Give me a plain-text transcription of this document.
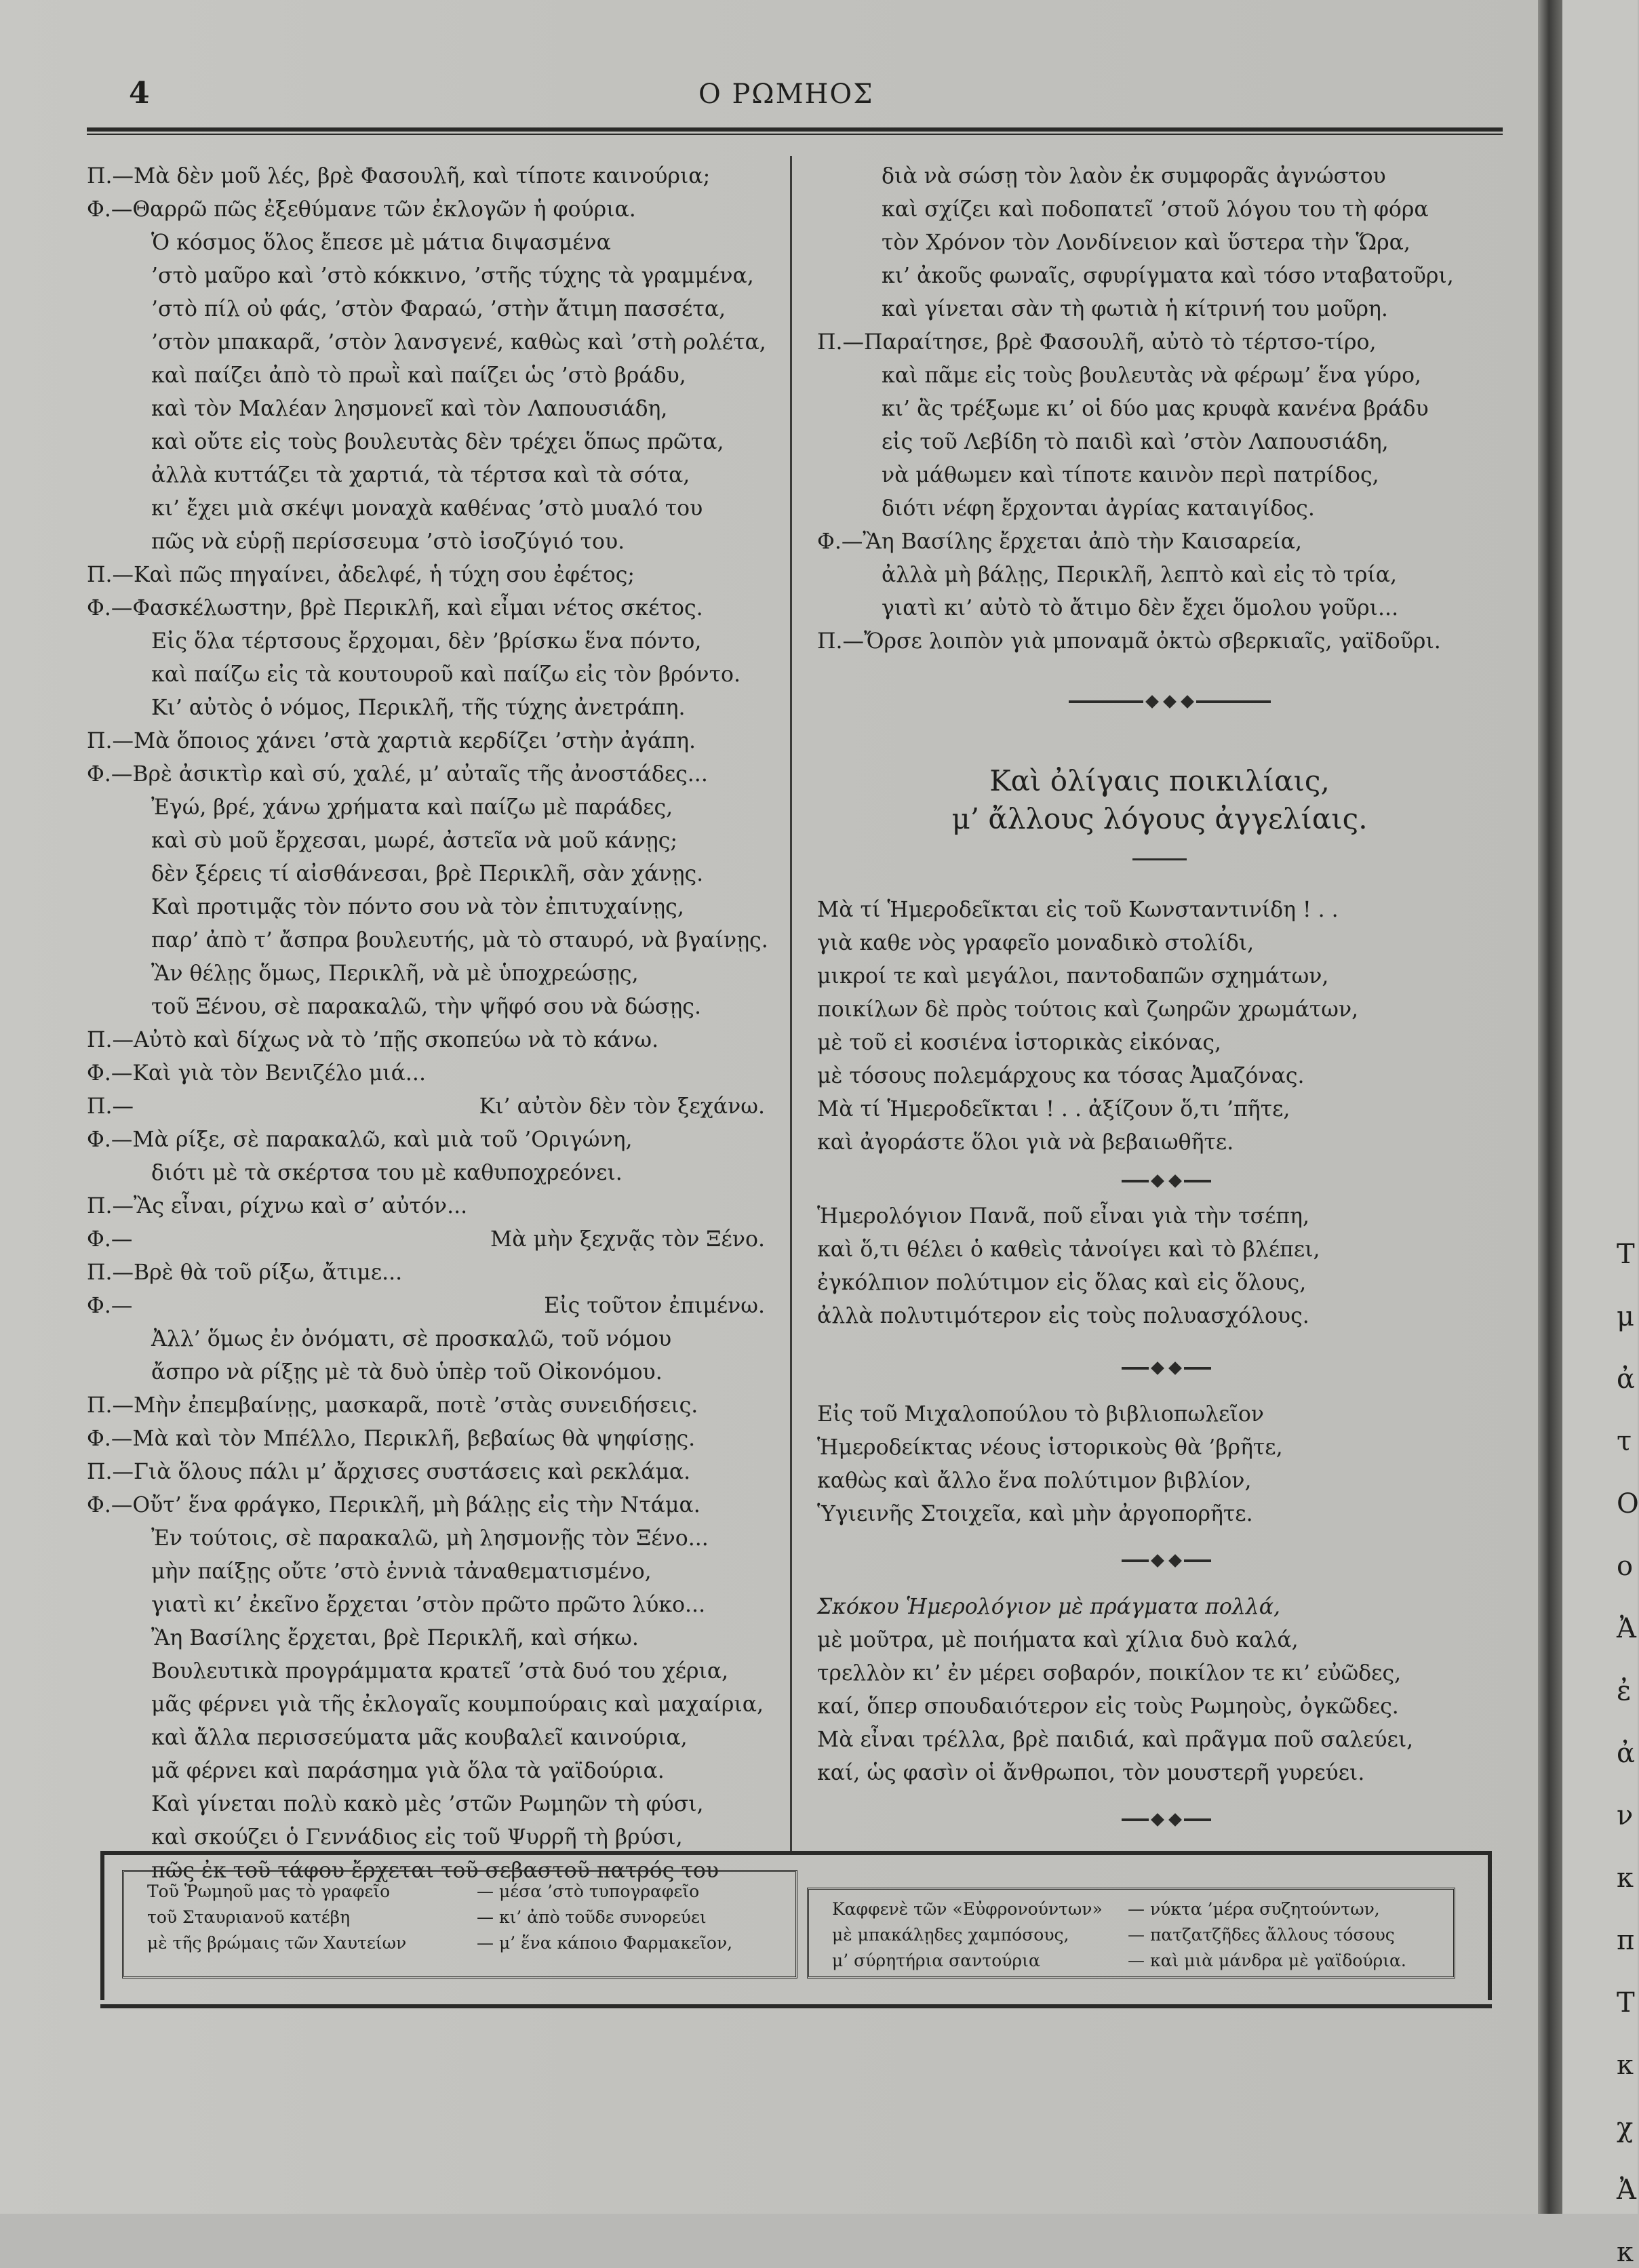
4	Ο ΡΩΜΗΟΣ
Π.—Μὰ δὲν μοῦ λές, βρὲ Φασουλῆ, καὶ τίποτε καινούρια;
Φ.—Θαρρῶ πῶς ἐξεθύμανε τῶν ἐκλογῶν ἡ φούρια.
Ὁ κόσμος ὅλος ἔπεσε μὲ μάτια διψασμένα
’στὸ μαῦρο καὶ ’στὸ κόκκινο, ’στῆς τύχης τὰ γραμμένα,
’στὸ πίλ οὐ φάς, ’στὸν Φαραώ, ’στὴν ἄτιμη πασσέτα,
’στὸν μπακαρᾶ, ’στὸν λανσγενέ, καθὼς καὶ ’στὴ ρολέτα,
καὶ παίζει ἀπὸ τὸ πρωῒ καὶ παίζει ὡς ’στὸ βράδυ,
καὶ τὸν Μαλέαν λησμονεῖ καὶ τὸν Λαπουσιάδη,
καὶ οὔτε εἰς τοὺς βουλευτὰς δὲν τρέχει ὅπως πρῶτα,
ἀλλὰ κυττάζει τὰ χαρτιά, τὰ τέρτσα καὶ τὰ σότα,
κι’ ἔχει μιὰ σκέψι μοναχὰ καθένας ’στὸ μυαλό του
πῶς νὰ εὑρῇ περίσσευμα ’στὸ ἰσοζύγιό του.
Π.—Καὶ πῶς πηγαίνει, ἀδελφέ, ἡ τύχη σου ἐφέτος;
Φ.—Φασκέλωστην, βρὲ Περικλῆ, καὶ εἶμαι νέτος σκέτος.
Εἰς ὅλα τέρτσους ἔρχομαι, δὲν ’βρίσκω ἕνα πόντο,
καὶ παίζω εἰς τὰ κουτουροῦ καὶ παίζω εἰς τὸν βρόντο.
Κι’ αὐτὸς ὁ νόμος, Περικλῆ, τῆς τύχης ἀνετράπη.
Π.—Μὰ ὅποιος χάνει ’στὰ χαρτιὰ κερδίζει ’στὴν ἀγάπη.
Φ.—Βρὲ ἀσικτὶρ καὶ σύ, χαλέ, μ’ αὐταῖς τῆς ἀνοστάδες...
Ἐγώ, βρέ, χάνω χρήματα καὶ παίζω μὲ παράδες,
καὶ σὺ μοῦ ἔρχεσαι, μωρέ, ἀστεῖα νὰ μοῦ κάνῃς;
δὲν ξέρεις τί αἰσθάνεσαι, βρὲ Περικλῆ, σὰν χάνῃς.
Καὶ προτιμᾷς τὸν πόντο σου νὰ τὸν ἐπιτυχαίνῃς,
παρ’ ἀπὸ τ’ ἄσπρα βουλευτής, μὰ τὸ σταυρό, νὰ βγαίνῃς.
Ἂν θέλῃς ὅμως, Περικλῆ, νὰ μὲ ὑποχρεώσῃς,
τοῦ Ξένου, σὲ παρακαλῶ, τὴν ψῆφό σου νὰ δώσῃς.
Π.—Αὐτὸ καὶ δίχως νὰ τὸ ’πῇς σκοπεύω νὰ τὸ κάνω.
Φ.—Καὶ γιὰ τὸν Βενιζέλο μιά...
Π.—	Κι’ αὐτὸν δὲν τὸν ξεχάνω.
Φ.—Μὰ ρίξε, σὲ παρακαλῶ, καὶ μιὰ τοῦ ’Οριγώνη,
διότι μὲ τὰ σκέρτσα του μὲ καθυποχρεόνει.
Π.—Ἂς εἶναι, ρίχνω καὶ σ’ αὐτόν...
Φ.—	Μὰ μὴν ξεχνᾷς τὸν Ξένο.
Π.—Βρὲ θὰ τοῦ ρίξω, ἄτιμε...
Φ.—	Εἰς τοῦτον ἐπιμένω.
Ἀλλ’ ὅμως ἐν ὀνόματι, σὲ προσκαλῶ, τοῦ νόμου
ἄσπρο νὰ ρίξῃς μὲ τὰ δυὸ ὑπὲρ τοῦ Οἰκονόμου.
Π.—Μὴν ἐπεμβαίνῃς, μασκαρᾶ, ποτὲ ’στὰς συνειδήσεις.
Φ.—Μὰ καὶ τὸν Μπέλλο, Περικλῆ, βεβαίως θὰ ψηφίσῃς.
Π.—Γιὰ ὅλους πάλι μ’ ἄρχισες συστάσεις καὶ ρεκλάμα.
Φ.—Οὔτ’ ἕνα φράγκο, Περικλῆ, μὴ βάλῃς εἰς τὴν Ντάμα.
Ἐν τούτοις, σὲ παρακαλῶ, μὴ λησμονῇς τὸν Ξένο...
μὴν παίξῃς οὔτε ’στὸ ἐννιὰ τἀναθεματισμένο,
γιατὶ κι’ ἐκεῖνο ἔρχεται ’στὸν πρῶτο πρῶτο λύκο...
Ἂη Βασίλης ἔρχεται, βρὲ Περικλῆ, καὶ σήκω.
Βουλευτικὰ προγράμματα κρατεῖ ’στὰ δυό του χέρια,
μᾶς φέρνει γιὰ τῆς ἐκλογαῖς κουμπούραις καὶ μαχαίρια,
καὶ ἄλλα περισσεύματα μᾶς κουβαλεῖ καινούρια,
μᾶ φέρνει καὶ παράσημα γιὰ ὅλα τὰ γαϊδούρια.
Καὶ γίνεται πολὺ κακὸ μὲς ’στῶν Ρωμηῶν τὴ φύσι,
καὶ σκούζει ὁ Γεννάδιος εἰς τοῦ Ψυρρῆ τὴ βρύσι,
πῶς ἐκ τοῦ τάφου ἔρχεται τοῦ σεβαστοῦ πατρός του
διὰ νὰ σώσῃ τὸν λαὸν ἐκ συμφορᾶς ἀγνώστου
καὶ σχίζει καὶ ποδοπατεῖ ’στοῦ λόγου του τὴ φόρα
τὸν Χρόνον τὸν Λονδίνειον καὶ ὕστερα τὴν Ὥρα,
κι’ ἀκοῦς φωναῖς, σφυρίγματα καὶ τόσο νταβατοῦρι,
καὶ γίνεται σὰν τὴ φωτιὰ ἡ κίτρινή του μοῦρη.
Π.—Παραίτησε, βρὲ Φασουλῆ, αὐτὸ τὸ τέρτσο-τίρο,
καὶ πᾶμε εἰς τοὺς βουλευτὰς νὰ φέρωμ’ ἕνα γύρο,
κι’ ἂς τρέξωμε κι’ οἱ δύο μας κρυφὰ κανένα βράδυ
εἰς τοῦ Λεβίδη τὸ παιδὶ καὶ ’στὸν Λαπουσιάδη,
νὰ μάθωμεν καὶ τίποτε καινὸν περὶ πατρίδος,
διότι νέφη ἔρχονται ἀγρίας καταιγίδος.
Φ.—Ἂη Βασίλης ἔρχεται ἀπὸ τὴν Καισαρεία,
ἀλλὰ μὴ βάλῃς, Περικλῆ, λεπτὸ καὶ εἰς τὸ τρία,
γιατὶ κι’ αὐτὸ τὸ ἄτιμο δὲν ἔχει ὅμολου γοῦρι...
Π.—Ὄρσε λοιπὸν γιὰ μποναμᾶ ὀκτὼ σβερκιαῖς, γαϊδοῦρι.
Καὶ ὀλίγαις ποικιλίαις,
μ’ ἄλλους λόγους ἀγγελίαις.
Μὰ τί Ἡμεροδεῖκται εἰς τοῦ Κωνσταντινίδη ! . .
γιὰ καθε νὸς γραφεῖο μοναδικὸ στολίδι,
μικροί τε καὶ μεγάλοι, παντοδαπῶν σχημάτων,
ποικίλων δὲ πρὸς τούτοις καὶ ζωηρῶν χρωμάτων,
μὲ τοῦ εἰ κοσιένα ἱστορικὰς εἰκόνας,
μὲ τόσους πολεμάρχους κα τόσας Ἀμαζόνας.
Μὰ τί Ἡμεροδεῖκται ! . . ἀξίζουν ὅ,τι ’πῆτε,
καὶ ἀγοράστε ὅλοι γιὰ νὰ βεβαιωθῆτε.
Ἡμερολόγιον Πανᾶ, ποῦ εἶναι γιὰ τὴν τσέπη,
καὶ ὅ,τι θέλει ὁ καθεὶς τἀνοίγει καὶ τὸ βλέπει,
ἐγκόλπιον πολύτιμον εἰς ὅλας καὶ εἰς ὅλους,
ἀλλὰ πολυτιμότερον εἰς τοὺς πολυασχόλους.
Εἰς τοῦ Μιχαλοπούλου τὸ βιβλιοπωλεῖον
Ἡμεροδείκτας νέους ἱστορικοὺς θὰ ’βρῆτε,
καθὼς καὶ ἄλλο ἕνα πολύτιμον βιβλίον,
Ὑγιεινῆς Στοιχεῖα, καὶ μὴν ἀργοπορῆτε.
Σκόκου Ἡμερολόγιον μὲ πράγματα πολλά,
μὲ μοῦτρα, μὲ ποιήματα καὶ χίλια δυὸ καλά,
τρελλὸν κι’ ἐν μέρει σοβαρόν, ποικίλον τε κι’ εὐῶδες,
καί, ὅπερ σπουδαιότερον εἰς τοὺς Ρωμηοὺς, ὀγκῶδες.
Μὰ εἶναι τρέλλα, βρὲ παιδιά, καὶ πρᾶγμα ποῦ σαλεύει,
καί, ὡς φασὶν οἱ ἄνθρωποι, τὸν μουστερῆ γυρεύει.
Τοῦ Ῥωμηοῦ μας τὸ γραφεῖο	— μέσα ’στὸ τυπογραφεῖο
τοῦ Σταυριανοῦ κατέβη	— κι’ ἀπὸ τοῦδε συνορεύει
μὲ τῆς βρώμαις τῶν Χαυτείων	— μ’ ἕνα κάποιο Φαρμακεῖον,
Καφφενὲ τῶν «Εὐφρονούντων» — νύκτα ’μέρα συζητούντων,
μὲ μπακάλῃδες χαμπόσους,	— πατζατζῆδες ἄλλους τόσους
μ’ σύρητήρια σαντούρια	— καὶ μιὰ μάνδρα μὲ γαϊδούρια.
Τ
μ
ἀ
τ
Ο
ο
Ἀ
ἐ
ἀ
ν
κ
π
Τ
κ
χ
Ἀ
κ
